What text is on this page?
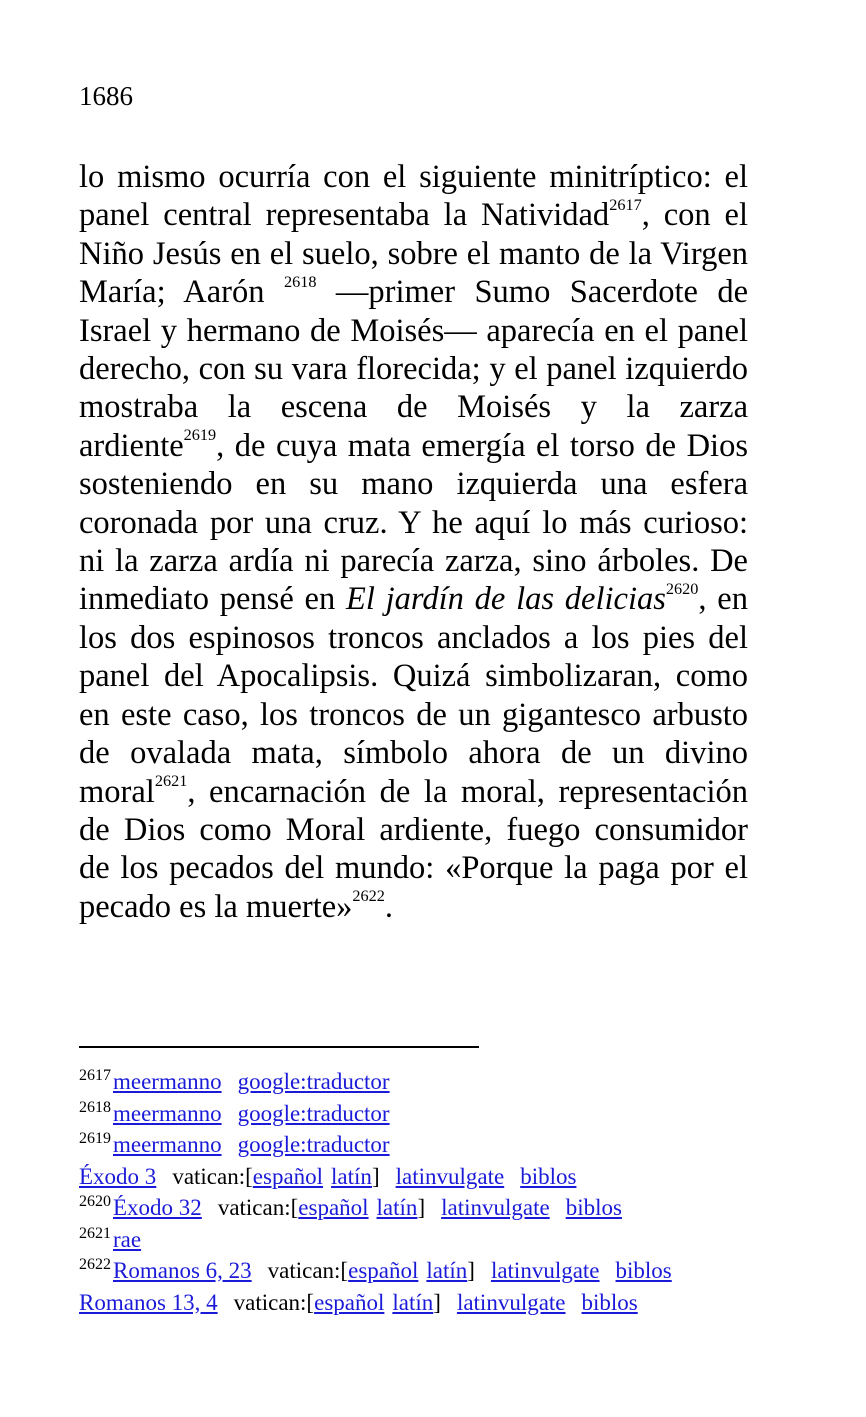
1686
lo mismo ocurría con el siguiente minitríptico: el panel central representaba la Natividad$^{2617}$, con el Niño Jesús en el suelo, sobre el manto de la Virgen María; Aarón $^{2618}$ —primer Sumo Sacerdote de Israel y hermano de Moisés— aparecía en el panel derecho, con su vara florecida; y el panel izquierdo mostraba la escena de Moisés y la zarza ardiente$^{2619}$, de cuya mata emergía el torso de Dios sosteniendo en su mano izquierda una esfera coronada por una cruz. Y he aquí lo más curioso: ni la zarza ardía ni parecía zarza, sino árboles. De inmediato pensé en El jardín de las delicias$^{2620}$, en los dos espinosos troncos anclados a los pies del panel del Apocalipsis. Quizá simbolizaran, como en este caso, los troncos de un gigantesco arbusto de ovalada mata, símbolo ahora de un divino moral$^{2621}$, encarnación de la moral, representación de Dios como Moral ardiente, fuego consumidor de los pecados del mundo: «Porque la paga por el pecado es la muerte»$^{2622}$.
$^{2617}$meermanno google:traductor
$^{2618}$meermanno google:traductor
$^{2619}$meermanno google:traductor
Éxodo 3 vatican:[español latín] latinvulgate biblos
$^{2620}$Éxodo 32 vatican:[español latín] latinvulgate biblos
$^{2621}$rae
$^{2622}$Romanos 6, 23 vatican:[español latín] latinvulgate biblos
Romanos 13, 4 vatican:[español latín] latinvulgate biblos
